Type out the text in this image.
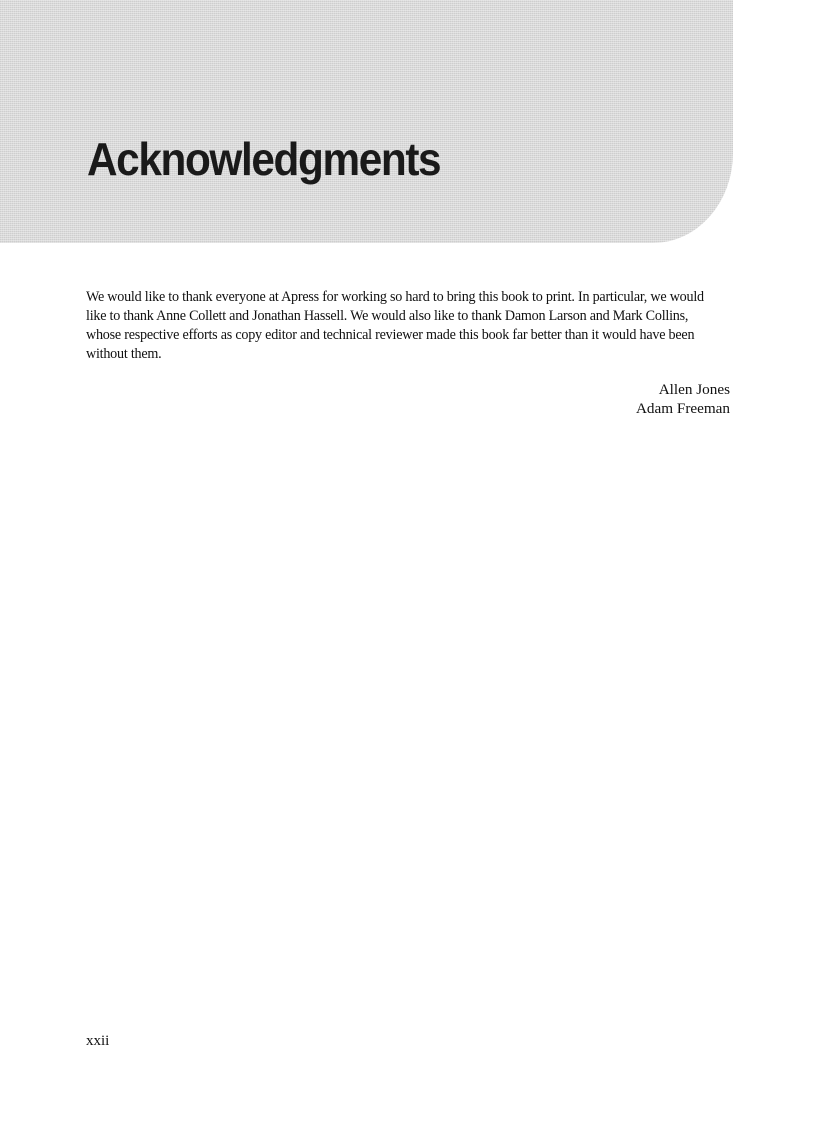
Acknowledgments

We would like to thank everyone at Apress for working so hard to bring this book to print. In particular, we would like to thank Anne Collett and Jonathan Hassell. We would also like to thank Damon Larson and Mark Collins, whose respective efforts as copy editor and technical reviewer made this book far better than it would have been without them.

Allen Jones
Adam Freeman
xxii
